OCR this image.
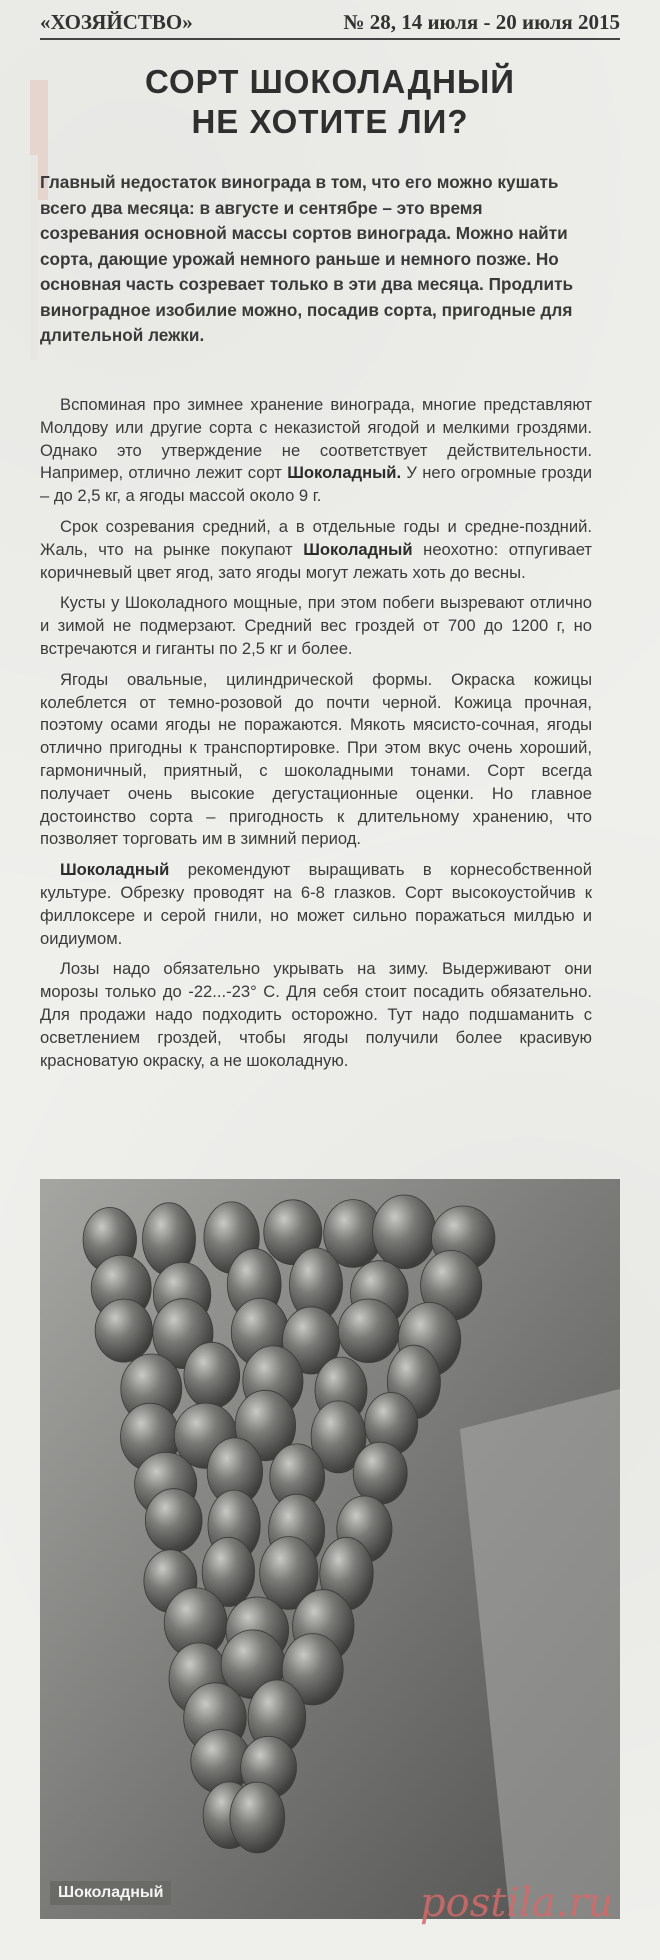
«ХОЗЯЙСТВО»	№ 28, 14 июля - 20 июля 2015
СОРТ ШОКОЛАДНЫЙ
НЕ ХОТИТЕ ЛИ?
Главный недостаток винограда в том, что его можно кушать всего два месяца: в августе и сентябре – это время созревания основной массы сортов винограда. Можно найти сорта, дающие урожай немного раньше и немного позже. Но основная часть созревает только в эти два месяца. Продлить виноградное изобилие можно, посадив сорта, пригодные для длительной лежки.

Вспоминая про зимнее хранение винограда, многие представляют Молдову или другие сорта с неказистой ягодой и мелкими гроздями. Однако это утверждение не соответствует действительности. Например, отлично лежит сорт Шоколадный. У него огромные грозди – до 2,5 кг, а ягоды массой около 9 г.

Срок созревания средний, а в отдельные годы и средне-поздний. Жаль, что на рынке покупают Шоколадный неохотно: отпугивает коричневый цвет ягод, зато ягоды могут лежать хоть до весны.

Кусты у Шоколадного мощные, при этом побеги вызревают отлично и зимой не подмерзают. Средний вес гроздей от 700 до 1200 г, но встречаются и гиганты по 2,5 кг и более.

Ягоды овальные, цилиндрической формы. Окраска кожицы колеблется от темно-розовой до почти черной. Кожица прочная, поэтому осами ягоды не поражаются. Мякоть мясисто-сочная, ягоды отлично пригодны к транспортировке. При этом вкус очень хороший, гармоничный, приятный, с шоколадными тонами. Сорт всегда получает очень высокие дегустационные оценки. Но главное достоинство сорта – пригодность к длительному хранению, что позволяет торговать им в зимний период.

Шоколадный рекомендуют выращивать в корнесобственной культуре. Обрезку проводят на 6-8 глазков. Сорт высокоустойчив к филлоксере и серой гнили, но может сильно поражаться милдью и оидиумом.

Лозы надо обязательно укрывать на зиму. Выдерживают они морозы только до -22...-23° С. Для себя стоит посадить обязательно. Для продажи надо подходить осторожно. Тут надо подшаманить с осветлением гроздей, чтобы ягоды получили более красивую красноватую окраску, а не шоколадную.

Шоколадный	postila.ru
